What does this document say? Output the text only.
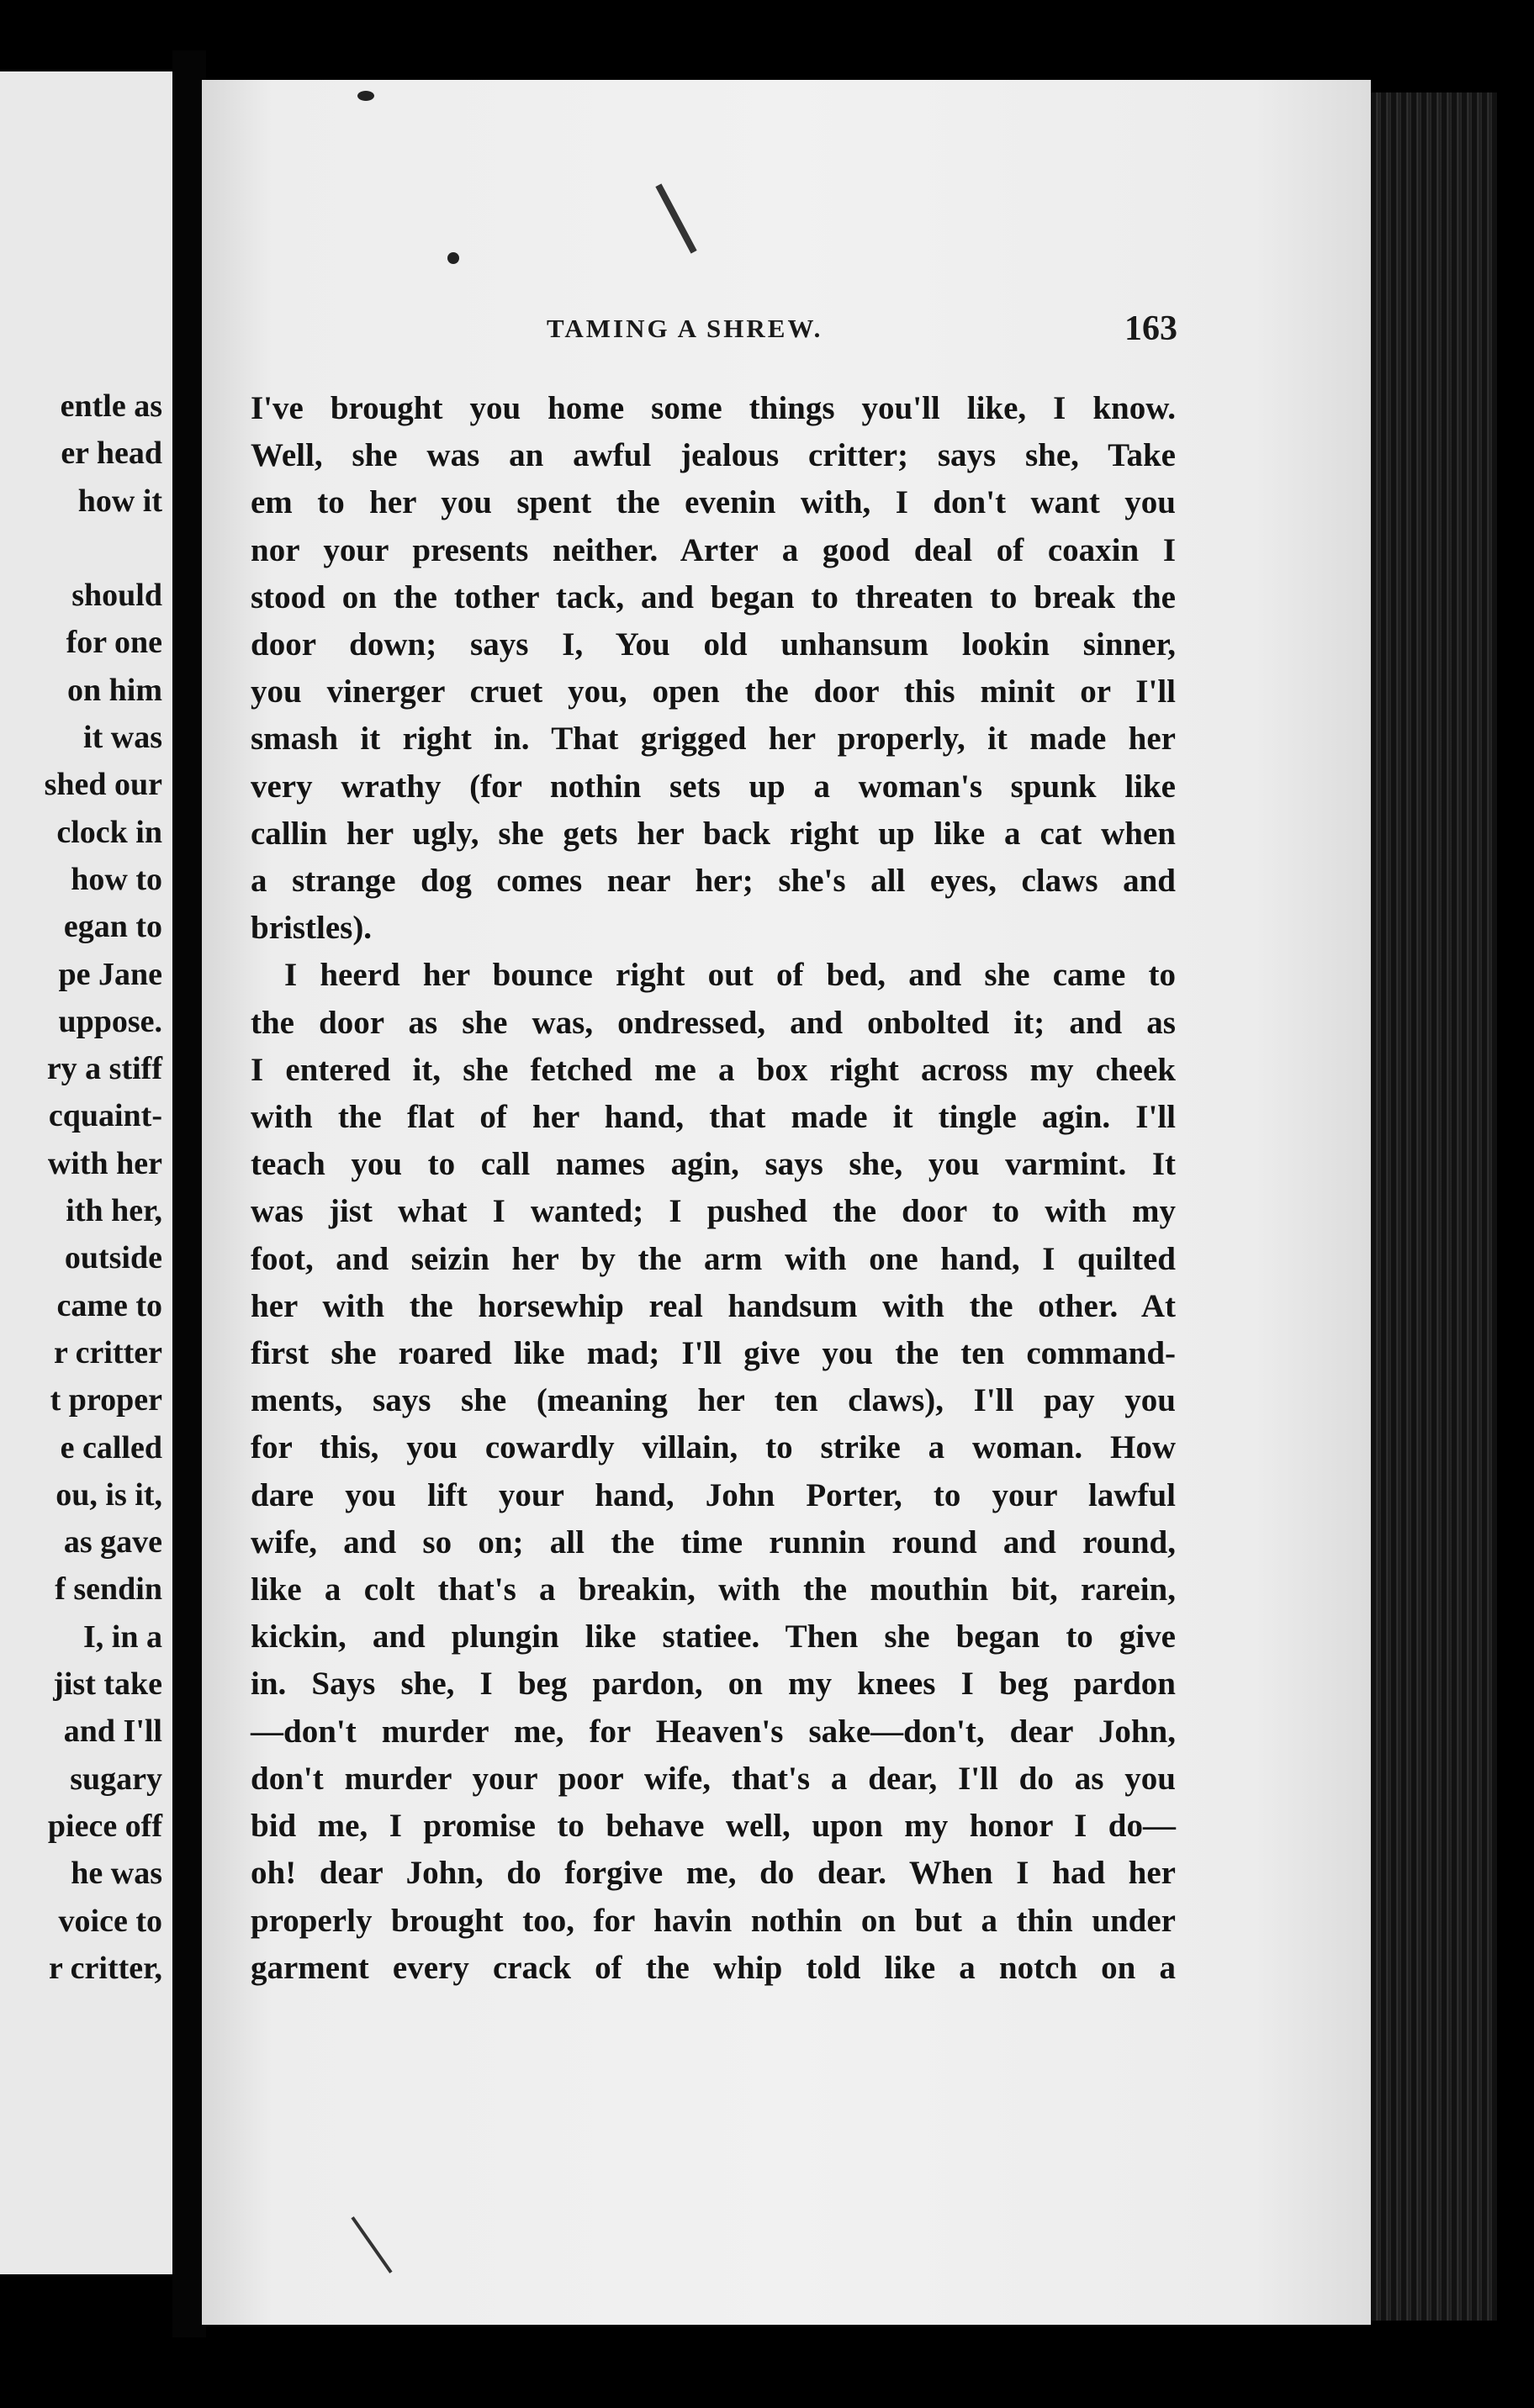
entle as
er head
how it

should
for one
on him
it was
shed our
clock in
how to
egan to
pe Jane
uppose.
ry a stiff
cquaint-
with her
ith her,
outside
came to
r critter
t proper
e called
ou, is it,
as gave
f sendin
I, in a
jist take
and I'll
sugary
piece off
he was
voice to
r critter,
TAMING A SHREW.	163
I've brought you home some things you'll like, I know.
Well, she was an awful jealous critter; says she, Take
em to her you spent the evenin with, I don't want you
nor your presents neither. Arter a good deal of coaxin I
stood on the tother tack, and began to threaten to break the
door down; says I, You old unhansum lookin sinner,
you vinerger cruet you, open the door this minit or I'll
smash it right in. That grigged her properly, it made her
very wrathy (for nothin sets up a woman's spunk like
callin her ugly, she gets her back right up like a cat when
a strange dog comes near her; she's all eyes, claws and
bristles).
I heerd her bounce right out of bed, and she came to
the door as she was, ondressed, and onbolted it; and as
I entered it, she fetched me a box right across my cheek
with the flat of her hand, that made it tingle agin. I'll
teach you to call names agin, says she, you varmint. It
was jist what I wanted; I pushed the door to with my
foot, and seizin her by the arm with one hand, I quilted
her with the horsewhip real handsum with the other. At
first she roared like mad; I'll give you the ten command-
ments, says she (meaning her ten claws), I'll pay you
for this, you cowardly villain, to strike a woman. How
dare you lift your hand, John Porter, to your lawful
wife, and so on; all the time runnin round and round,
like a colt that's a breakin, with the mouthin bit, rarein,
kickin, and plungin like statiee. Then she began to give
in. Says she, I beg pardon, on my knees I beg pardon
—don't murder me, for Heaven's sake—don't, dear John,
don't murder your poor wife, that's a dear, I'll do as you
bid me, I promise to behave well, upon my honor I do—
oh! dear John, do forgive me, do dear. When I had her
properly brought too, for havin nothin on but a thin under
garment every crack of the whip told like a notch on a
